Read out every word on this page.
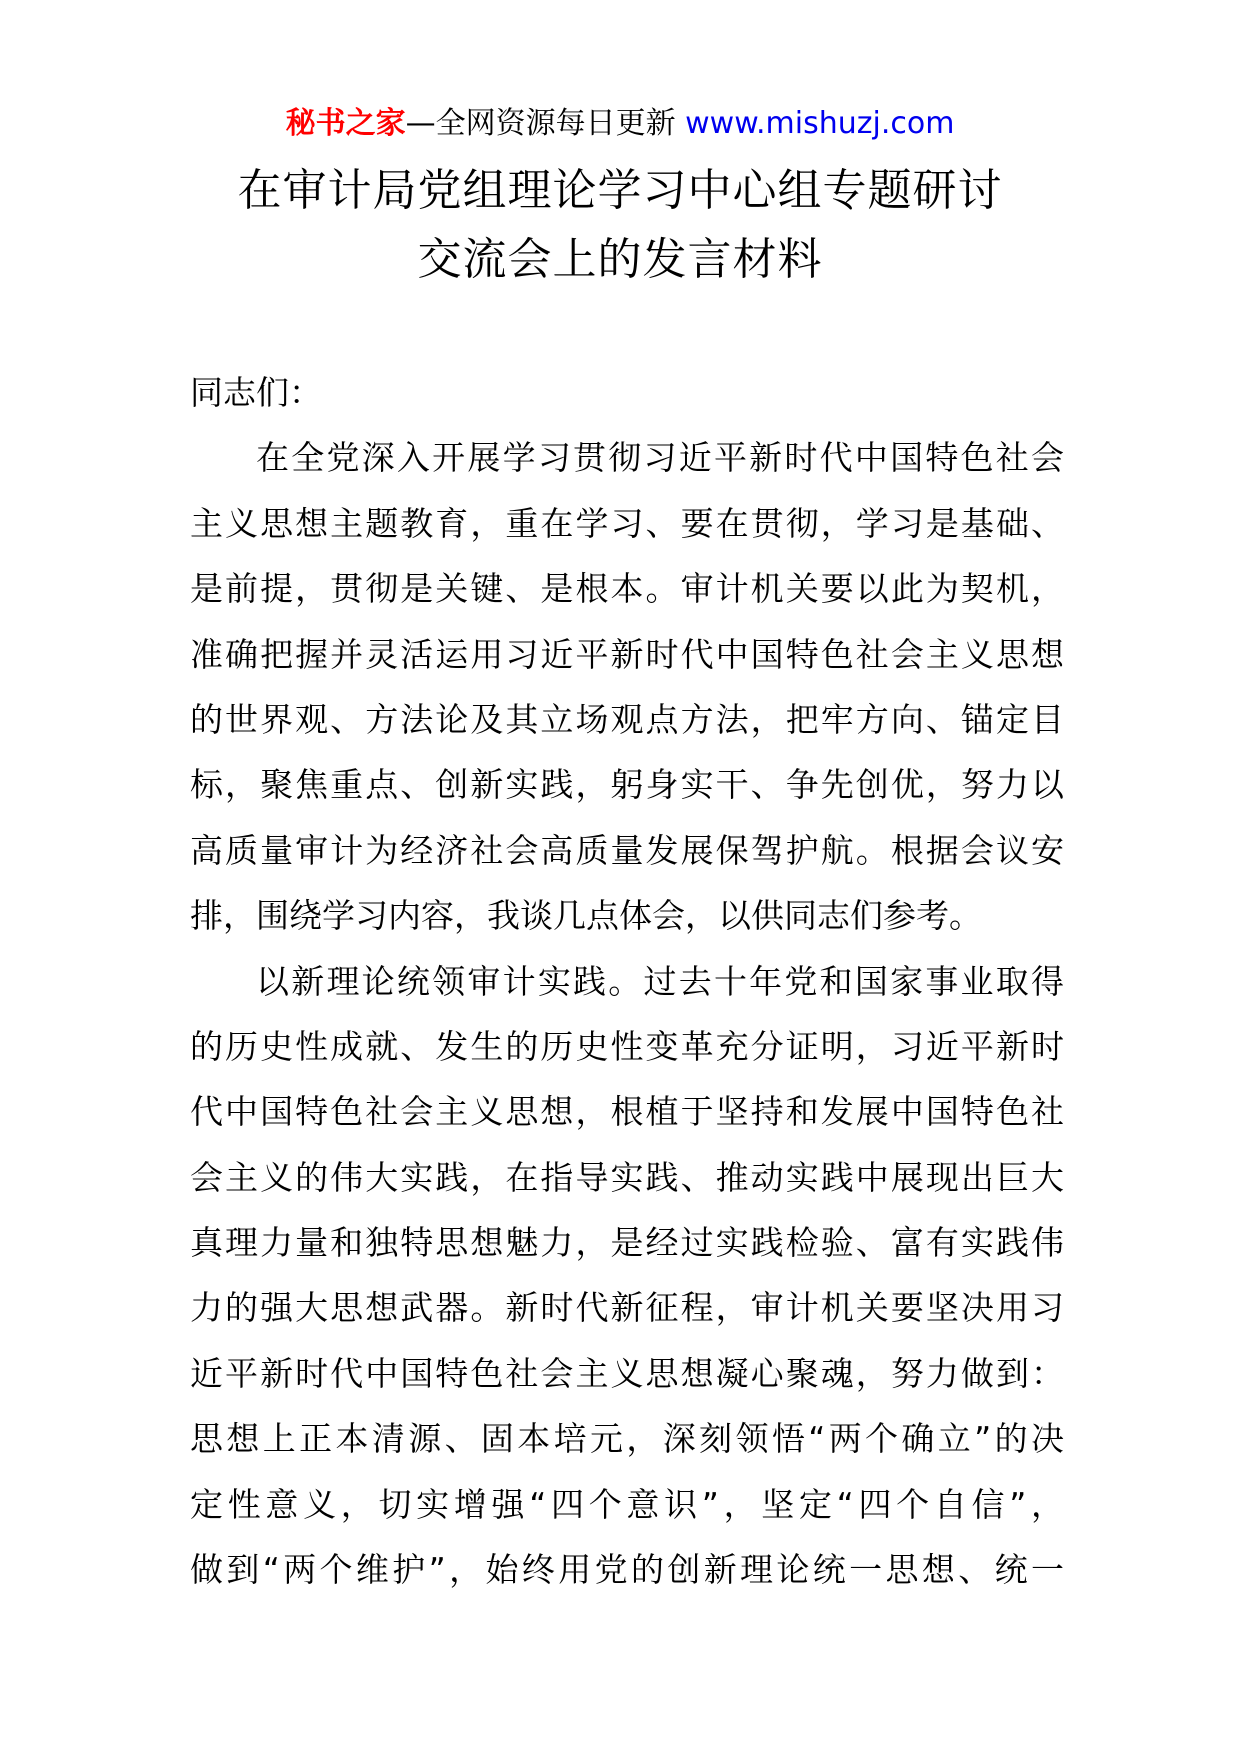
秘书之家—全网资源每日更新 www.mishuzj.com
在审计局党组理论学习中心组专题研讨
交流会上的发言材料
同志们：
在全党深入开展学习贯彻习近平新时代中国特色社会
主义思想主题教育，重在学习、要在贯彻，学习是基础、
是前提，贯彻是关键、是根本。审计机关要以此为契机，
准确把握并灵活运用习近平新时代中国特色社会主义思想
的世界观、方法论及其立场观点方法，把牢方向、锚定目
标，聚焦重点、创新实践，躬身实干、争先创优，努力以
高质量审计为经济社会高质量发展保驾护航。根据会议安
排，围绕学习内容，我谈几点体会，以供同志们参考。
以新理论统领审计实践。过去十年党和国家事业取得
的历史性成就、发生的历史性变革充分证明，习近平新时
代中国特色社会主义思想，根植于坚持和发展中国特色社
会主义的伟大实践，在指导实践、推动实践中展现出巨大
真理力量和独特思想魅力，是经过实践检验、富有实践伟
力的强大思想武器。新时代新征程，审计机关要坚决用习
近平新时代中国特色社会主义思想凝心聚魂，努力做到：
思想上正本清源、固本培元，深刻领悟“两个确立”的决
定性意义，切实增强“四个意识”，坚定“四个自信”，
做到“两个维护”，始终用党的创新理论统一思想、统一
